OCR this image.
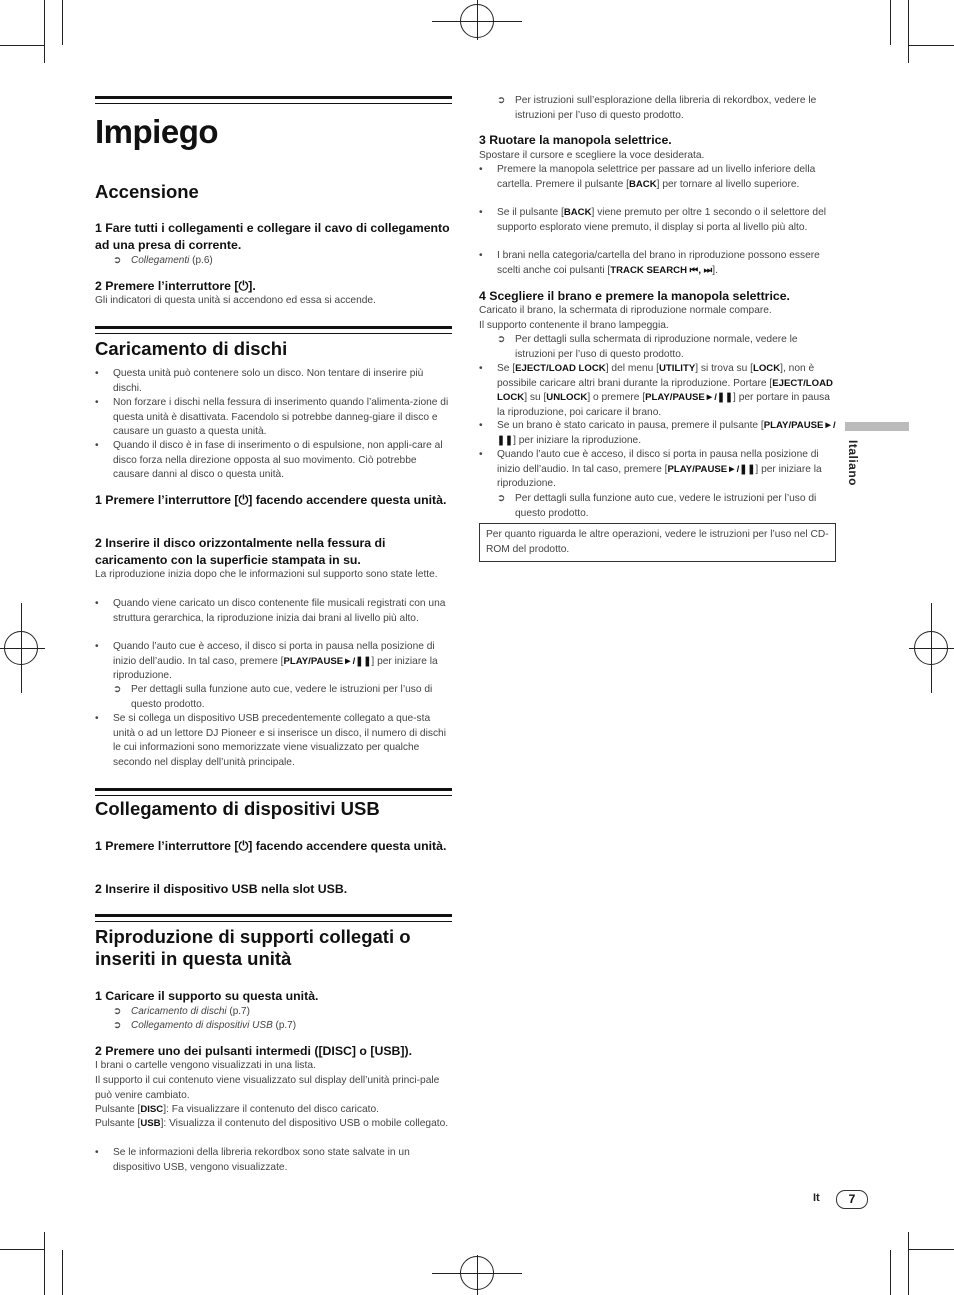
Impiego
Accensione
1 Fare tutti i collegamenti e collegare il cavo di collegamento ad una presa di corrente.
➲ Collegamenti (p.6)
2 Premere l’interruttore [⏻].
Gli indicatori di questa unità si accendono ed essa si accende.
Caricamento di dischi
•	Questa unità può contenere solo un disco. Non tentare di inserire più dischi.
•	Non forzare i dischi nella fessura di inserimento quando l’alimenta-zione di questa unità è disattivata. Facendolo si potrebbe danneg-giare il disco e causare un guasto a questa unità.
•	Quando il disco è in fase di inserimento o di espulsione, non appli-care al disco forza nella direzione opposta al suo movimento. Ciò potrebbe causare danni al disco o questa unità.
1 Premere l’interruttore [⏻] facendo accendere questa unità.
2 Inserire il disco orizzontalmente nella fessura di caricamento con la superficie stampata in su.
La riproduzione inizia dopo che le informazioni sul supporto sono state lette.
•	Quando viene caricato un disco contenente file musicali registrati con una struttura gerarchica, la riproduzione inizia dai brani al livello più alto.
•	Quando l’auto cue è acceso, il disco si porta in pausa nella posizione di inizio dell’audio. In tal caso, premere [PLAY/PAUSE►/❚❚] per iniziare la riproduzione.
➲ Per dettagli sulla funzione auto cue, vedere le istruzioni per l’uso di questo prodotto.
•	Se si collega un dispositivo USB precedentemente collegato a que-sta unità o ad un lettore DJ Pioneer e si inserisce un disco, il numero di dischi le cui informazioni sono memorizzate viene visualizzato per qualche secondo nel display dell’unità principale.
Collegamento di dispositivi USB
1 Premere l’interruttore [⏻] facendo accendere questa unità.
2 Inserire il dispositivo USB nella slot USB.
Riproduzione di supporti collegati o inseriti in questa unità
1 Caricare il supporto su questa unità.
➲ Caricamento di dischi (p.7)
➲ Collegamento di dispositivi USB (p.7)
2 Premere uno dei pulsanti intermedi ([DISC] o [USB]).
I brani o cartelle vengono visualizzati in una lista.
Il supporto il cui contenuto viene visualizzato sul display dell’unità princi-pale può venire cambiato.
Pulsante [DISC]: Fa visualizzare il contenuto del disco caricato.
Pulsante [USB]: Visualizza il contenuto del dispositivo USB o mobile collegato.
•	Se le informazioni della libreria rekordbox sono state salvate in un dispositivo USB, vengono visualizzate.
➲ Per istruzioni sull’esplorazione della libreria di rekordbox, vedere le istruzioni per l’uso di questo prodotto.
3 Ruotare la manopola selettrice.
Spostare il cursore e scegliere la voce desiderata.
•	Premere la manopola selettrice per passare ad un livello inferiore della cartella. Premere il pulsante [BACK] per tornare al livello superiore.
•	Se il pulsante [BACK] viene premuto per oltre 1 secondo o il selettore del supporto esplorato viene premuto, il display si porta al livello più alto.
•	I brani nella categoria/cartella del brano in riproduzione possono essere scelti anche coi pulsanti [TRACK SEARCH ⏮, ⏭].
4 Scegliere il brano e premere la manopola selettrice.
Caricato il brano, la schermata di riproduzione normale compare.
Il supporto contenente il brano lampeggia.
➲ Per dettagli sulla schermata di riproduzione normale, vedere le istruzioni per l’uso di questo prodotto.
•	Se [EJECT/LOAD LOCK] del menu [UTILITY] si trova su [LOCK], non è possibile caricare altri brani durante la riproduzione. Portare [EJECT/LOAD LOCK] su [UNLOCK] o premere [PLAY/PAUSE►/❚❚] per portare in pausa la riproduzione, poi caricare il brano.
•	Se un brano è stato caricato in pausa, premere il pulsante [PLAY/PAUSE►/❚❚] per iniziare la riproduzione.
•	Quando l’auto cue è acceso, il disco si porta in pausa nella posizione di inizio dell’audio. In tal caso, premere [PLAY/PAUSE►/❚❚] per iniziare la riproduzione.
➲ Per dettagli sulla funzione auto cue, vedere le istruzioni per l’uso di questo prodotto.
Per quanto riguarda le altre operazioni, vedere le istruzioni per l’uso nel CD-ROM del prodotto.
Italiano
It	7
